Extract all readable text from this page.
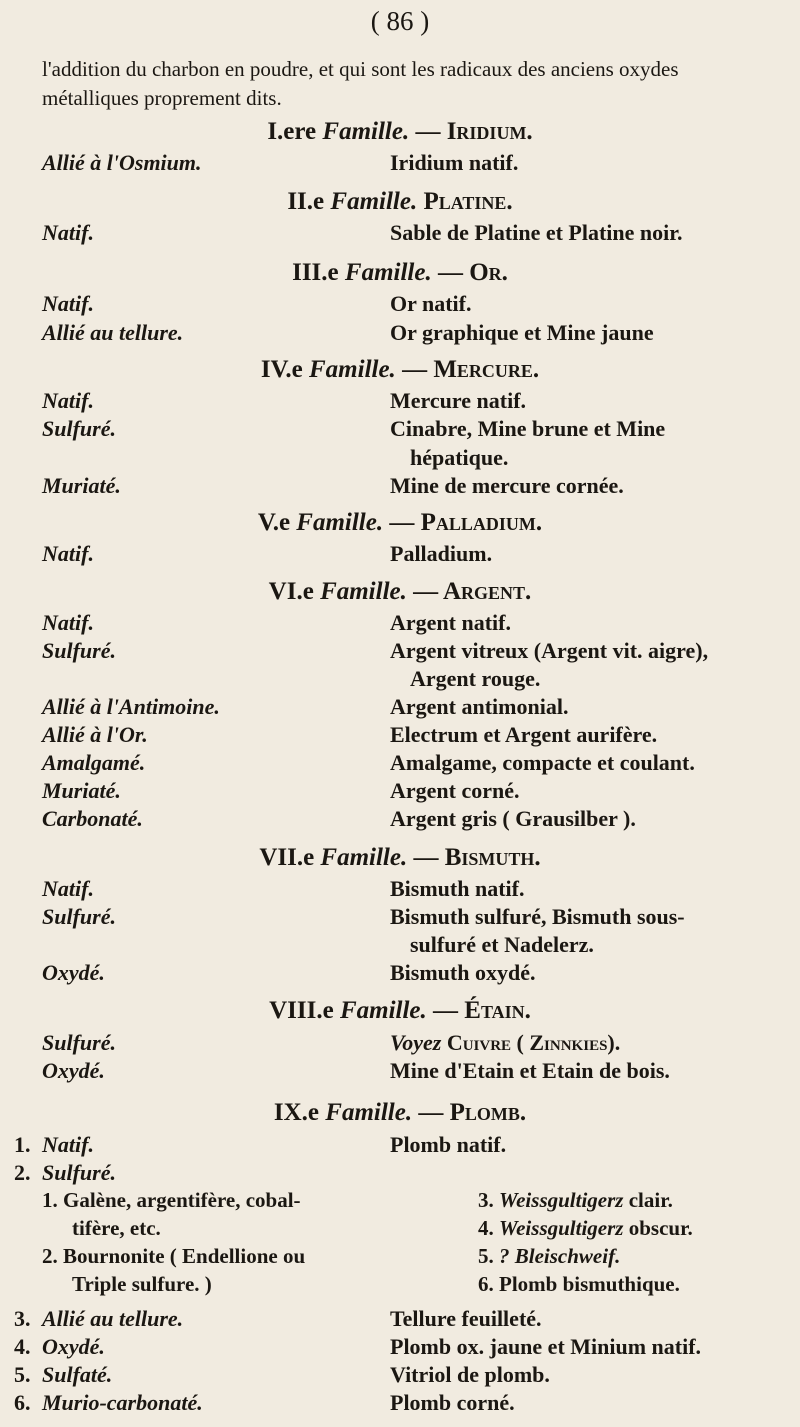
( 86 )
l'addition du charbon en poudre, et qui sont les radicaux des anciens oxydes métalliques proprement dits.
I.ere Famille. — Iridium.
Allié à l'Osmium.	Iridium natif.
II.e Famille. Platine.
Natif.	Sable de Platine et Platine noir.
III.e Famille. — Or.
Natif.	Or natif.
Allié au tellure.	Or graphique et Mine jaune
IV.e Famille. — Mercure.
Natif.	Mercure natif.
Sulfuré.	Cinabre, Mine brune et Mine
hépatique.
Muriaté.	Mine de mercure cornée.
V.e Famille. — Palladium.
Natif.	Palladium.
VI.e Famille. — Argent.
Natif.	Argent natif.
Sulfuré.	Argent vitreux (Argent vit. aigre),
Argent rouge.
Allié à l'Antimoine.	Argent antimonial.
Allié à l'Or.	Electrum et Argent aurifère.
Amalgamé.	Amalgame, compacte et coulant.
Muriaté.	Argent corné.
Carbonaté.	Argent gris ( Grausilber ).
VII.e Famille. — Bismuth.
Natif.	Bismuth natif.
Sulfuré.	Bismuth sulfuré, Bismuth sous-
sulfuré et Nadelerz.
Oxydé.	Bismuth oxydé.
VIII.e Famille. — Étain.
Sulfuré.	Voyez Cuivre ( Zinnkies).
Oxydé.	Mine d'Etain et Etain de bois.
IX.e Famille. — Plomb.
1. Natif.	Plomb natif.
2. Sulfuré.
1. Galène, argentifère, cobal-
tifère, etc.
2. Bournonite ( Endellione ou
Triple sulfure. )
3. Weissgultigerz clair.
4. Weissgultigerz obscur.
5. ? Bleischweif.
6. Plomb bismuthique.
3. Allié au tellure.	Tellure feuilleté.
4. Oxydé.	Plomb ox. jaune et Minium natif.
5. Sulfaté.	Vitriol de plomb.
6. Murio-carbonaté.	Plomb corné.
